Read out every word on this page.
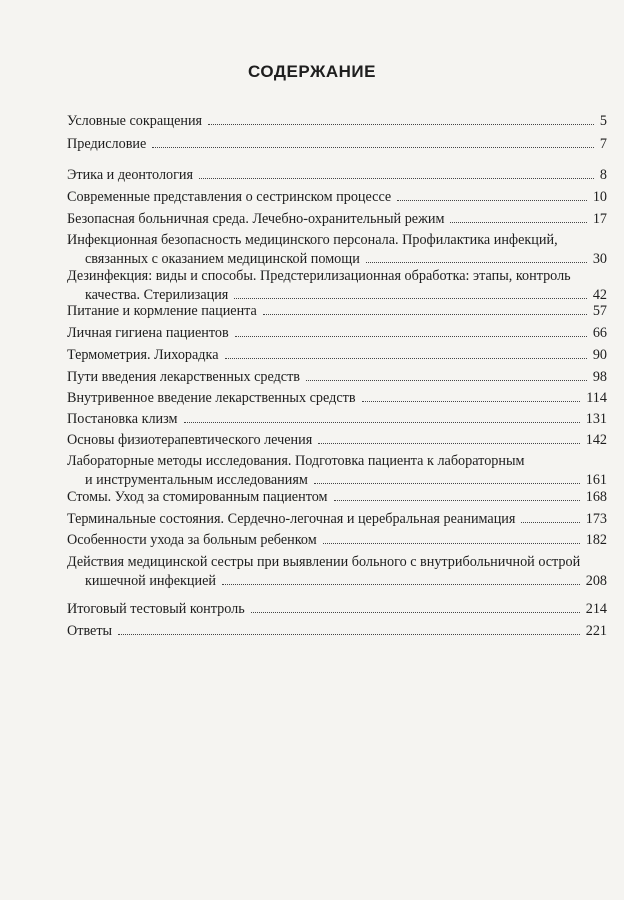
СОДЕРЖАНИЕ
Условные сокращения	5
Предисловие	7
Этика и деонтология	8
Современные представления о сестринском процессе	10
Безопасная больничная среда. Лечебно-охранительный режим	17
Инфекционная безопасность медицинского персонала. Профилактика инфекций,
связанных с оказанием медицинской помощи	30
Дезинфекция: виды и способы. Предстерилизационная обработка: этапы, контроль
качества. Стерилизация	42
Питание и кормление пациента	57
Личная гигиена пациентов	66
Термометрия. Лихорадка	90
Пути введения лекарственных средств	98
Внутривенное введение лекарственных средств	114
Постановка клизм	131
Основы физиотерапевтического лечения	142
Лабораторные методы исследования. Подготовка пациента к лабораторным
и инструментальным исследованиям	161
Стомы. Уход за стомированным пациентом	168
Терминальные состояния. Сердечно-легочная и церебральная реанимация	173
Особенности ухода за больным ребенком	182
Действия медицинской сестры при выявлении больного с внутрибольничной острой
кишечной инфекцией	208
Итоговый тестовый контроль	214
Ответы	221
